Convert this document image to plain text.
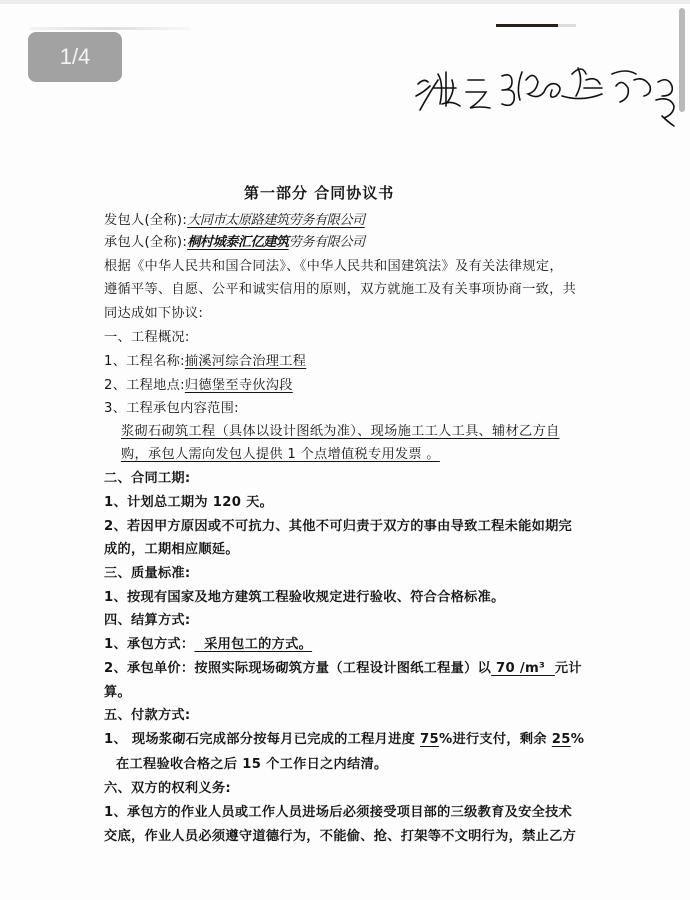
第一部分 合同协议书
发包人(全称):大同市太原路建筑劳务有限公司
承包人(全称):桐村城泰汇亿建筑劳务有限公司
根据《中华人民共和国合同法》、《中华人民共和国建筑法》及有关法律规定，
遵循平等、自愿、公平和诚实信用的原则，双方就施工及有关事项协商一致，共
同达成如下协议:
一、工程概况:
1、工程名称:揃溪河综合治理工程
2、工程地点:归德堡至寺伙沟段
3、工程承包内容范围:
浆砌石砌筑工程（具体以设计图纸为准）、现场施工工人工具、辅材乙方自
购，承包人需向发包人提供 1 个点增值税专用发票 。
二、合同工期:
1、计划总工期为 120 天。
2、若因甲方原因或不可抗力、其他不可归责于双方的事由导致工程未能如期完
成的，工期相应顺延。
三、质量标准:
1、按现有国家及地方建筑工程验收规定进行验收、符合合格标准。
四、结算方式:
1、承包方式：  采用包工的方式。
2、承包单价：按照实际现场砌筑方量（工程设计图纸工程量）以 70 /m³  元计
算。
五、付款方式:
1、 现场浆砌石完成部分按每月已完成的工程月进度 75%进行支付，剩余 25%
在工程验收合格之后 15 个工作日之内结清。
六、双方的权利义务:
1、承包方的作业人员或工作人员进场后必须接受项目部的三级教育及安全技术
交底，作业人员必须遵守道德行为，不能偷、抢、打架等不文明行为，禁止乙方
1/4
